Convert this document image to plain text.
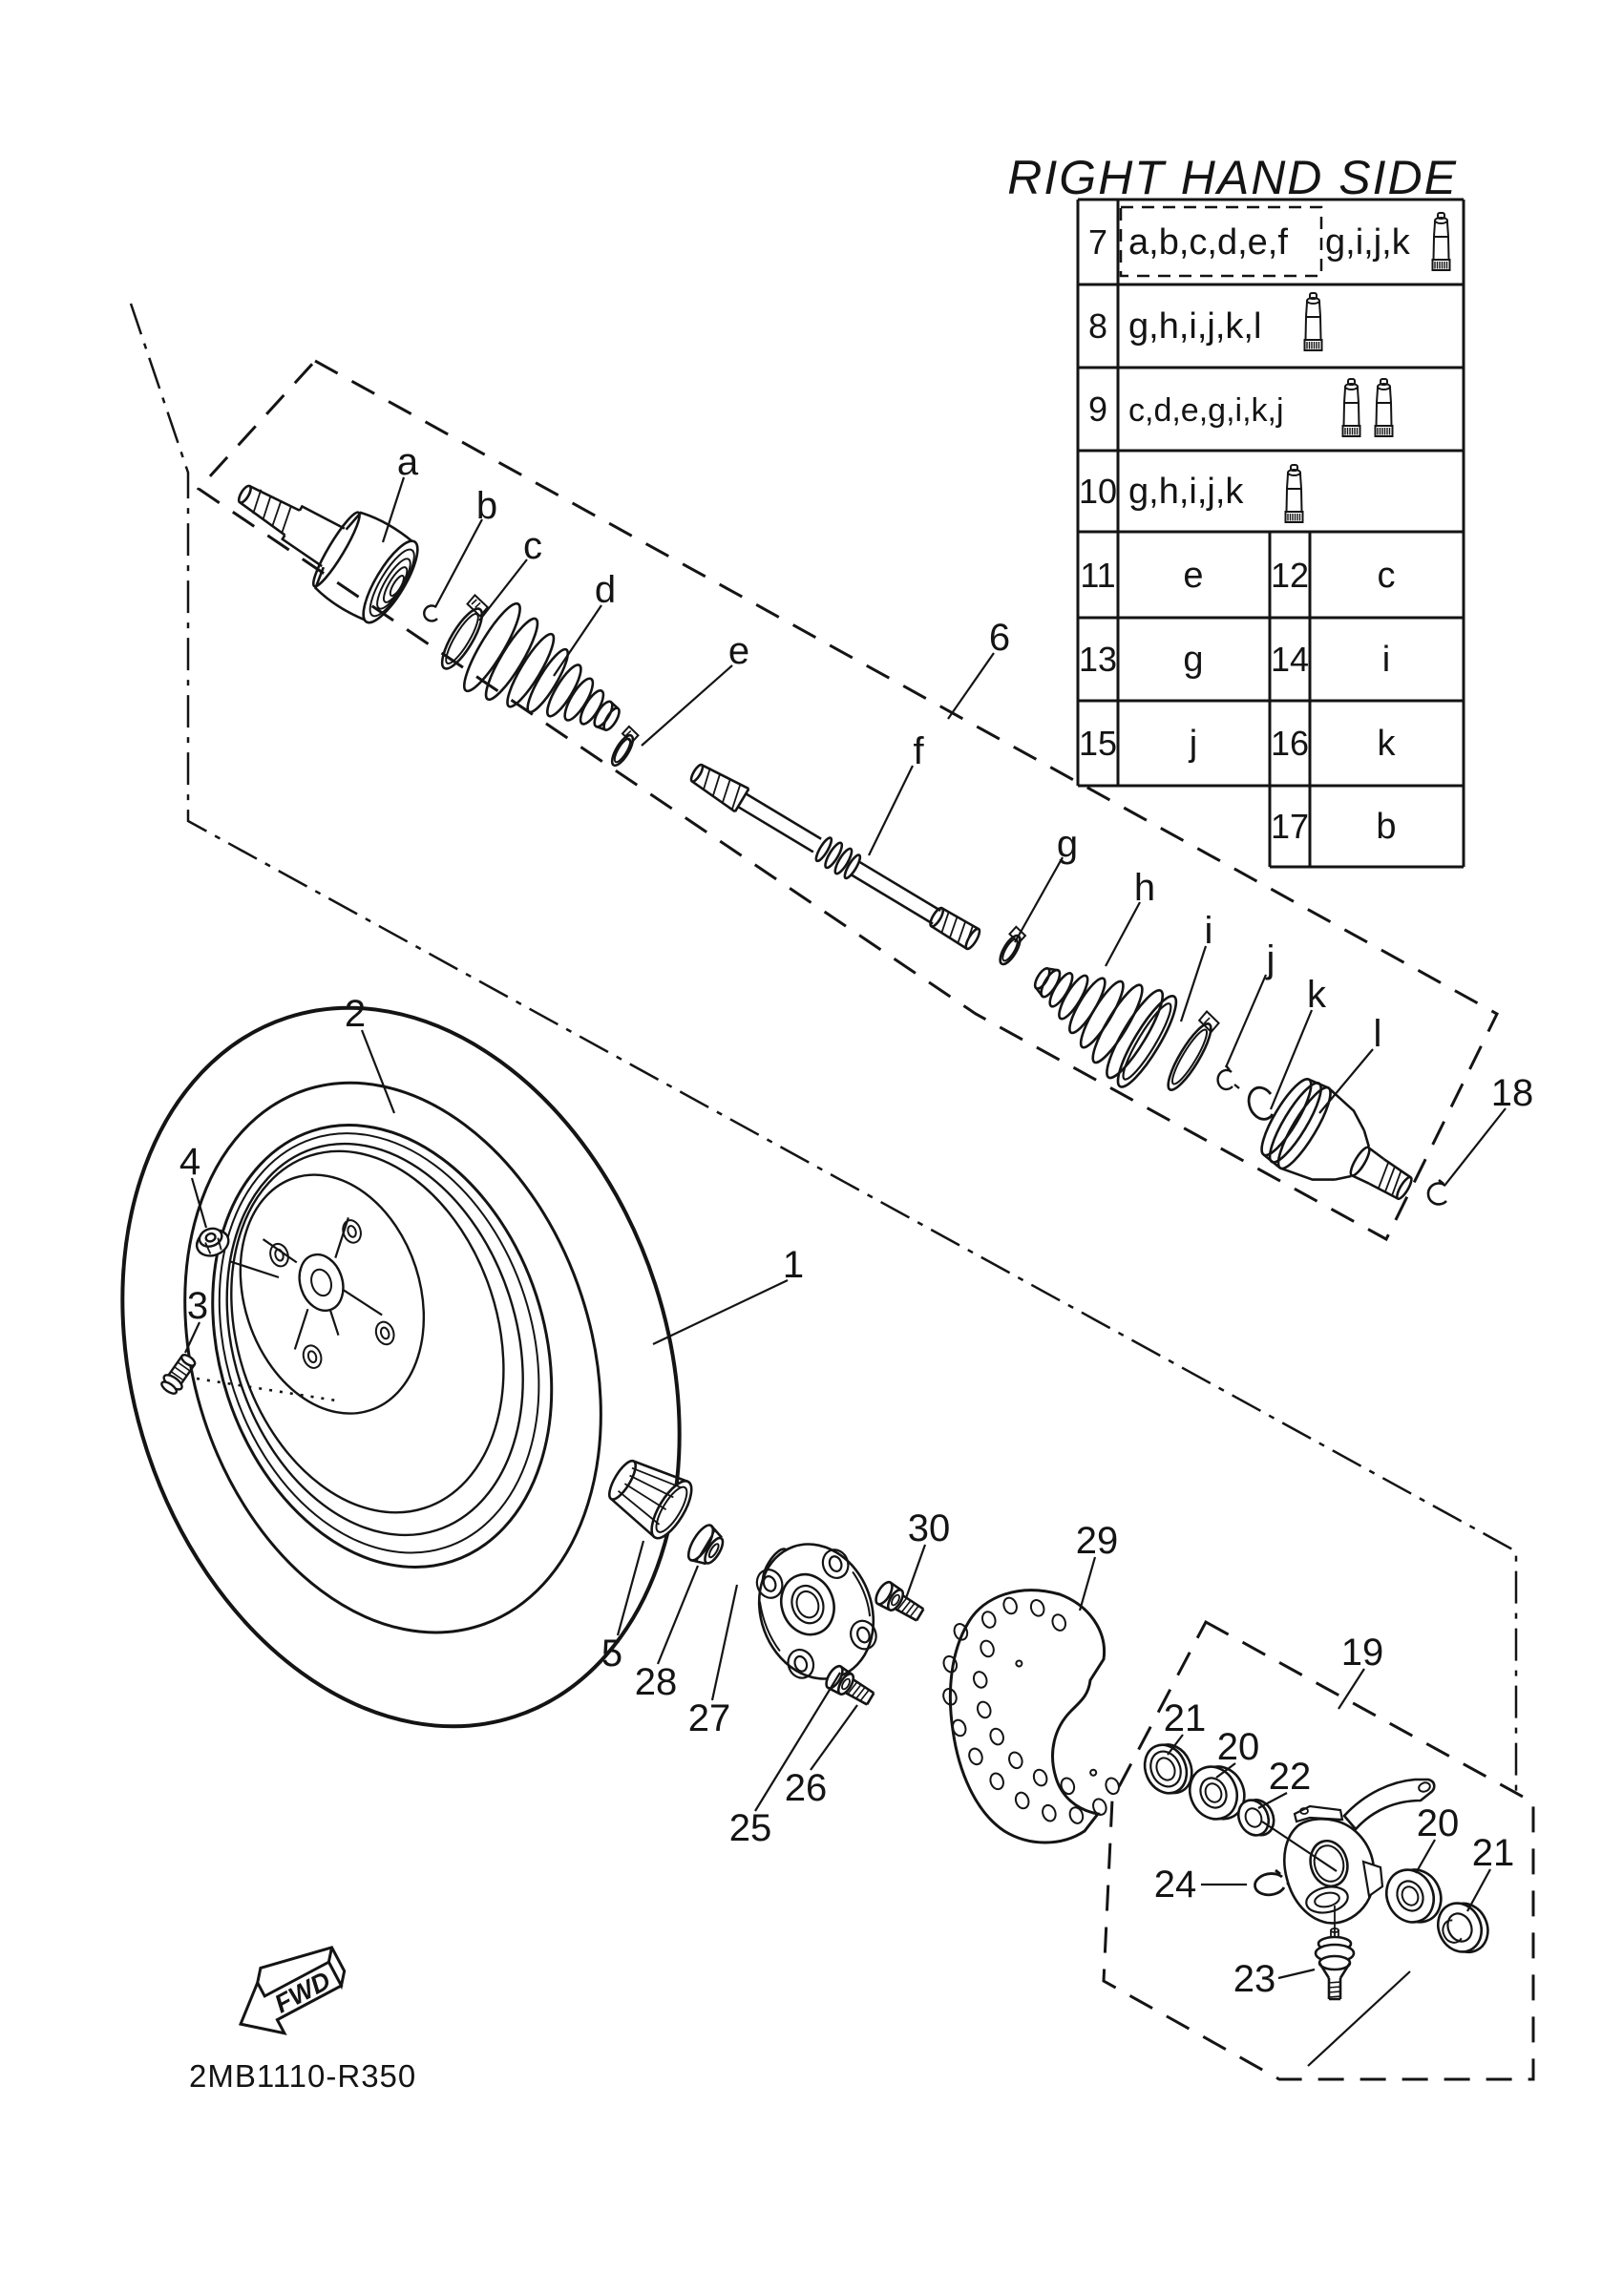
a
b
c
d
e
f
6
g
h
i
j
k
l
18
2
4
3
1
5
28
27
25
26
30	29
19
21
20
22
24
20
21
23
RIGHT HAND SIDE
7
8
9
10
11
13
15
12
14
16
17
e
g
j
c
i
k
b
a,b,c,d,e,f g,i,j,k
g,h,i,j,k,l
c,d,e,g,i,k,j
g,h,i,j,k
FWD
2MB1110-R350
